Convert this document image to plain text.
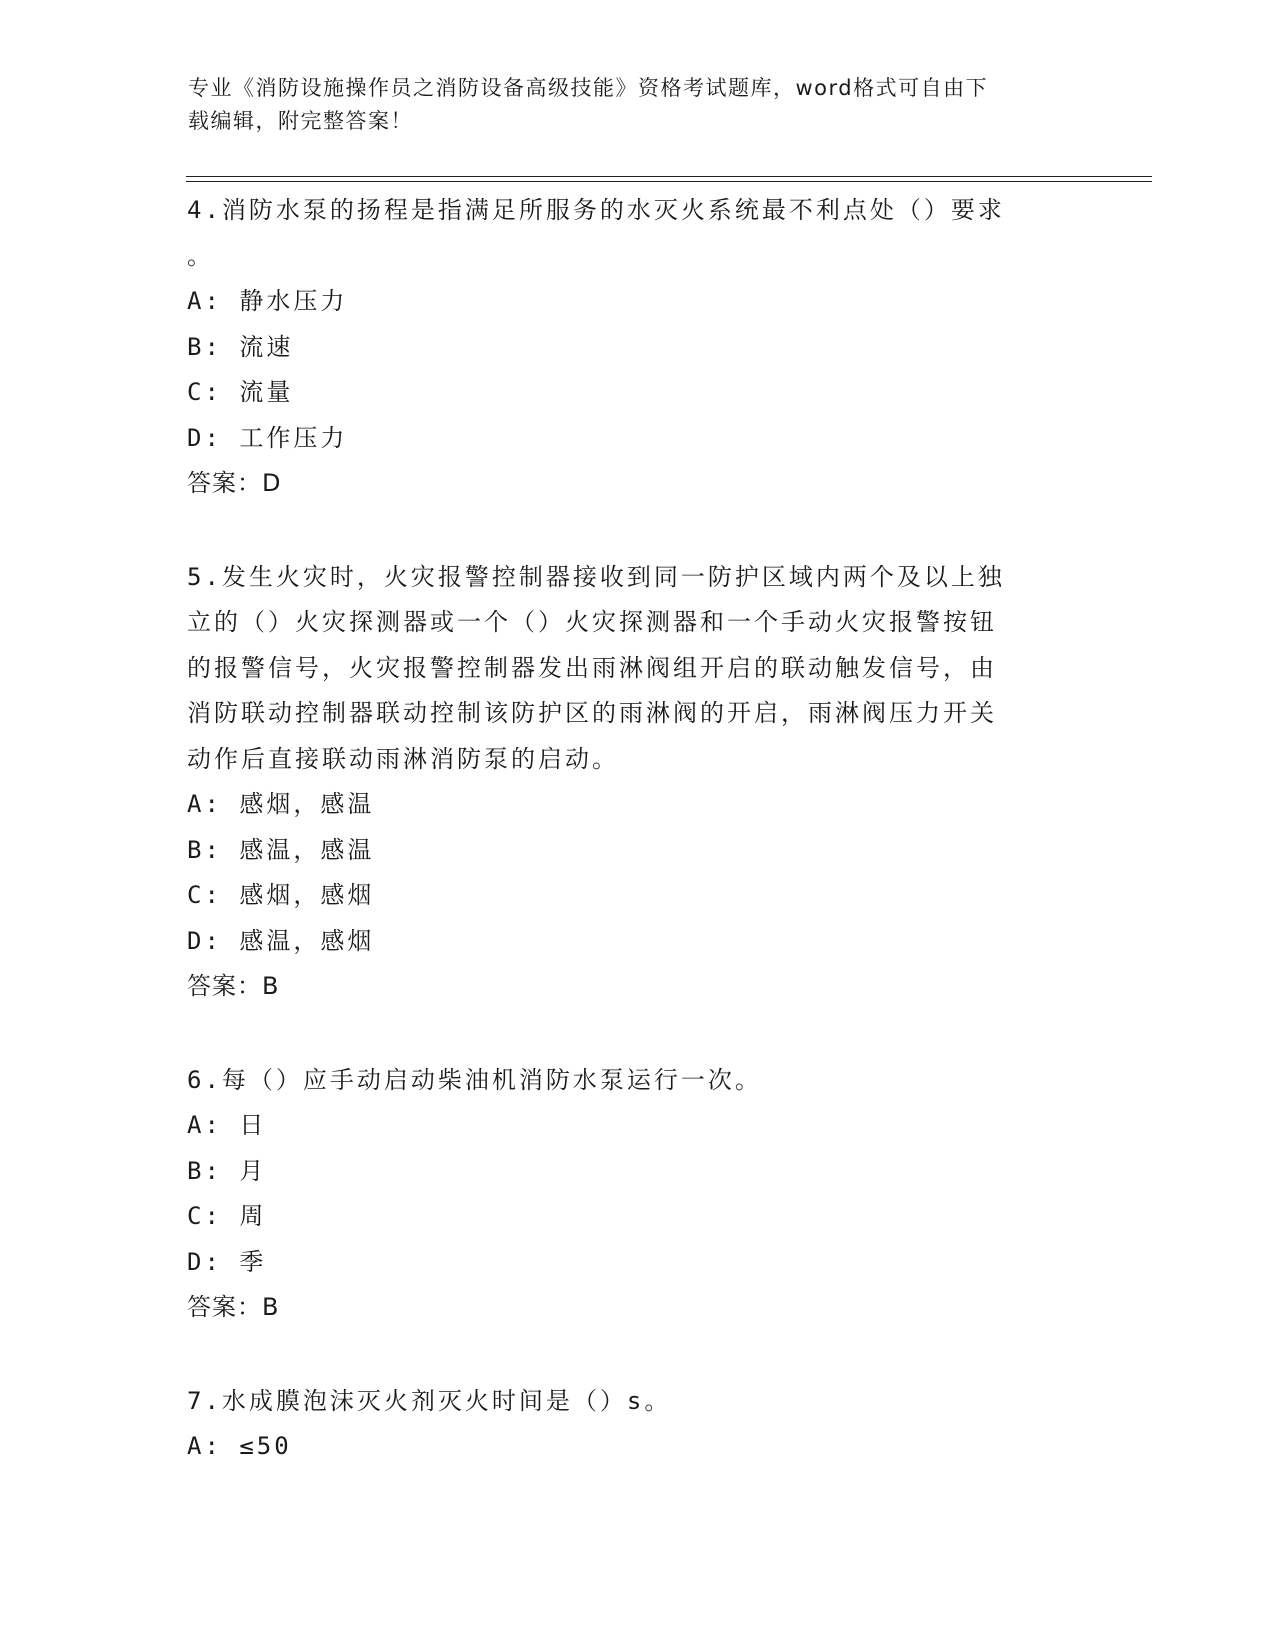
专业《消防设施操作员之消防设备高级技能》资格考试题库，word格式可自由下
载编辑，附完整答案！
4.消防水泵的扬程是指满足所服务的水灭火系统最不利点处（）要求
。
A: 静水压力
B: 流速
C: 流量
D: 工作压力
答案：D
5.发生火灾时，火灾报警控制器接收到同一防护区域内两个及以上独
立的（）火灾探测器或一个（）火灾探测器和一个手动火灾报警按钮
的报警信号，火灾报警控制器发出雨淋阀组开启的联动触发信号，由
消防联动控制器联动控制该防护区的雨淋阀的开启，雨淋阀压力开关
动作后直接联动雨淋消防泵的启动。
A: 感烟，感温
B: 感温，感温
C: 感烟，感烟
D: 感温，感烟
答案：B
6.每（）应手动启动柴油机消防水泵运行一次。
A: 日
B: 月
C: 周
D: 季
答案：B
7.水成膜泡沫灭火剂灭火时间是（）s。
A: ≤50
